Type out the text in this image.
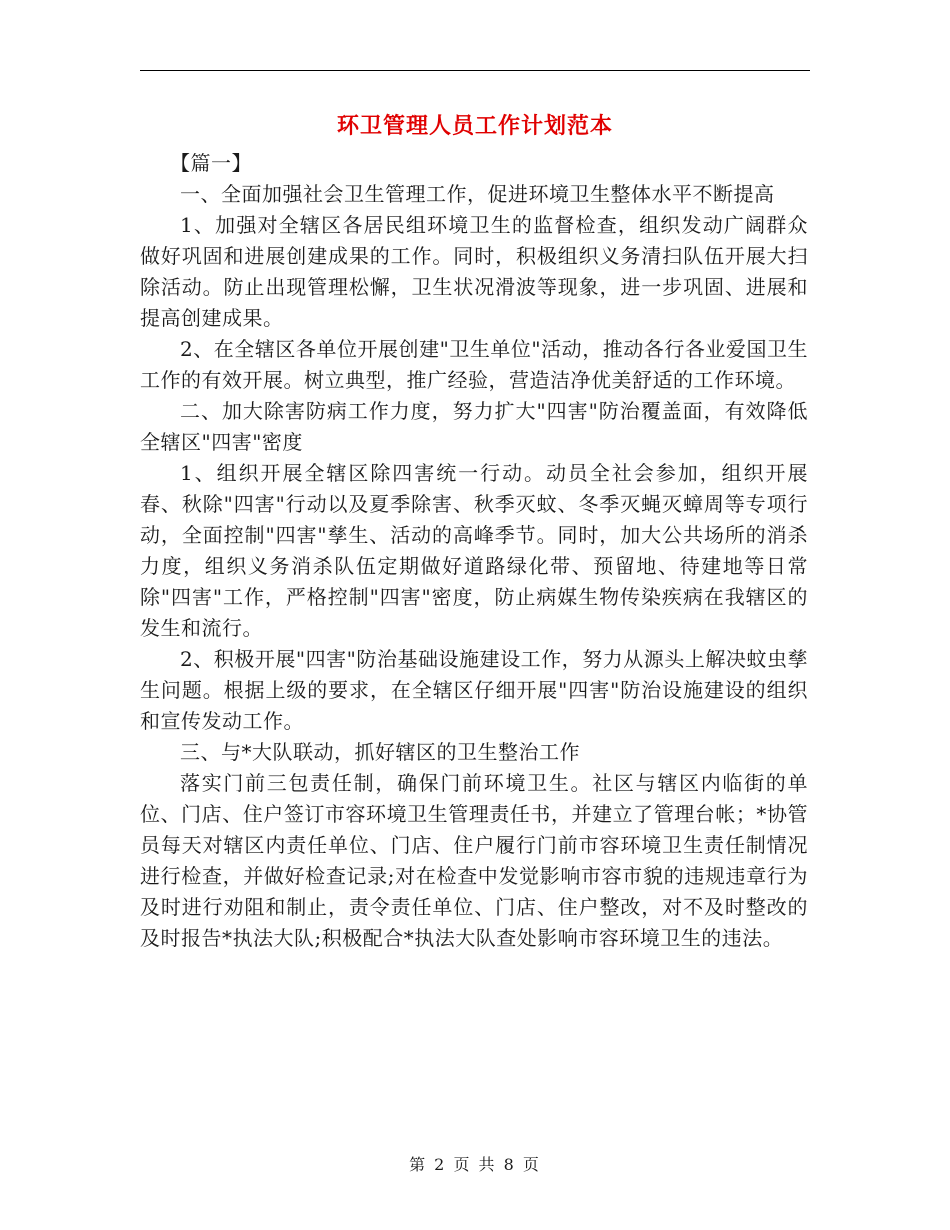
环卫管理人员工作计划范本

【篇一】

一、全面加强社会卫生管理工作，促进环境卫生整体水平不断提高

1、加强对全辖区各居民组环境卫生的监督检查，组织发动广阔群众做好巩固和进展创建成果的工作。同时，积极组织义务清扫队伍开展大扫除活动。防止出现管理松懈，卫生状况滑波等现象，进一步巩固、进展和提高创建成果。

2、在全辖区各单位开展创建"卫生单位"活动，推动各行各业爱国卫生工作的有效开展。树立典型，推广经验，营造洁净优美舒适的工作环境。

二、加大除害防病工作力度，努力扩大"四害"防治覆盖面，有效降低全辖区"四害"密度

1、组织开展全辖区除四害统一行动。动员全社会参加，组织开展春、秋除"四害"行动以及夏季除害、秋季灭蚊、冬季灭蝇灭蟑周等专项行动，全面控制"四害"孳生、活动的高峰季节。同时，加大公共场所的消杀力度，组织义务消杀队伍定期做好道路绿化带、预留地、待建地等日常除"四害"工作，严格控制"四害"密度，防止病媒生物传染疾病在我辖区的发生和流行。

2、积极开展"四害"防治基础设施建设工作，努力从源头上解决蚊虫孳生问题。根据上级的要求，在全辖区仔细开展"四害"防治设施建设的组织和宣传发动工作。

三、与*大队联动，抓好辖区的卫生整治工作

落实门前三包责任制，确保门前环境卫生。社区与辖区内临街的单位、门店、住户签订市容环境卫生管理责任书，并建立了管理台帐；*协管员每天对辖区内责任单位、门店、住户履行门前市容环境卫生责任制情况进行检查，并做好检查记录;对在检查中发觉影响市容市貌的违规违章行为及时进行劝阻和制止，责令责任单位、门店、住户整改，对不及时整改的及时报告*执法大队;积极配合*执法大队查处影响市容环境卫生的违法。

第 2 页 共 8 页
